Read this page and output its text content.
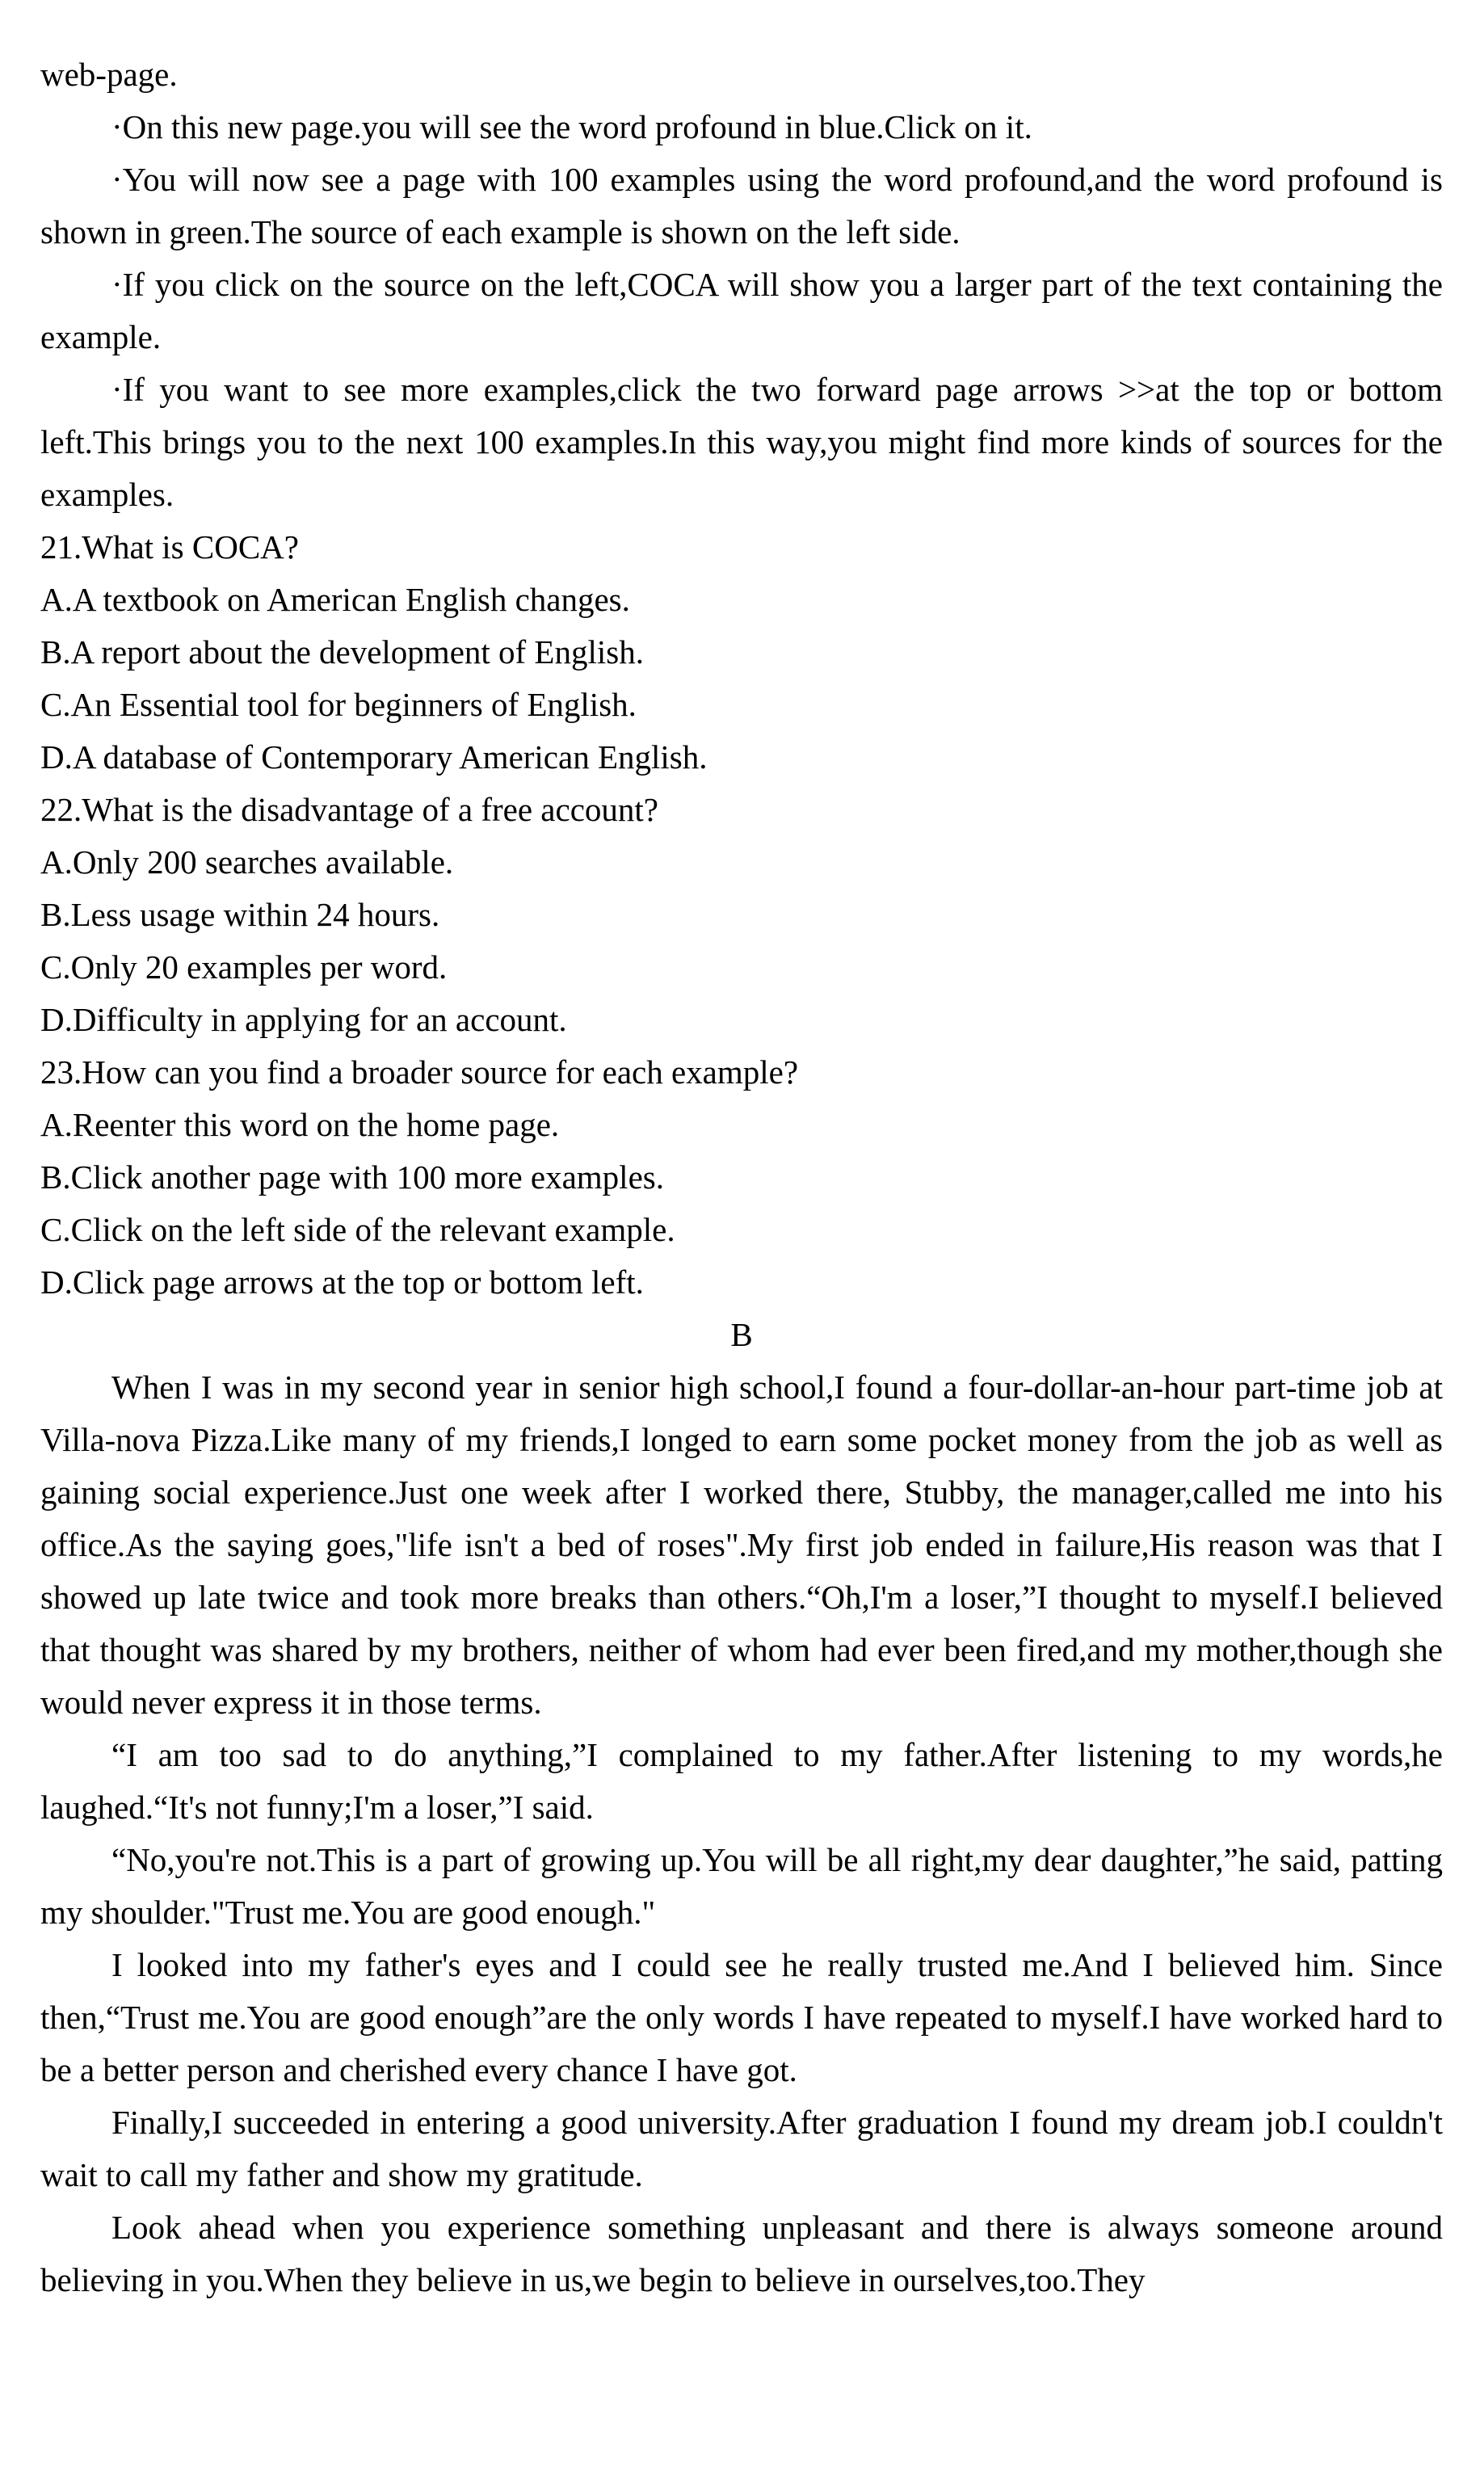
web-page.

·On this new page.you will see the word profound in blue.Click on it.

·You will now see a page with 100 examples using the word profound,and the word profound is shown in green.The source of each example is shown on the left side.

·If you click on the source on the left,COCA will show you a larger part of the text containing the example.

·If you want to see more examples,click the two forward page arrows >>at the top or bottom left.This brings you to the next 100 examples.In this way,you might find more kinds of sources for the examples.

21.What is COCA?

A.A textbook on American English changes.

B.A report about the development of English.

C.An Essential tool for beginners of English.

D.A database of Contemporary American English.

22.What is the disadvantage of a free account?

A.Only 200 searches available.

B.Less usage within 24 hours.

C.Only 20 examples per word.

D.Difficulty in applying for an account.

23.How can you find a broader source for each example?

A.Reenter this word on the home page.

B.Click another page with 100 more examples.

C.Click on the left side of the relevant example.

D.Click page arrows at the top or bottom left.

B

When I was in my second year in senior high school,I found a four-dollar-an-hour part-time job at Villa-nova Pizza.Like many of my friends,I longed to earn some pocket money from the job as well as gaining social experience.Just one week after I worked there, Stubby, the manager,called me into his office.As the saying goes,"life isn't a bed of roses".My first job ended in failure,His reason was that I showed up late twice and took more breaks than others.“Oh,I'm a loser,”I thought to myself.I believed that thought was shared by my brothers, neither of whom had ever been fired,and my mother,though she would never express it in those terms.

“I am too sad to do anything,”I complained to my father.After listening to my words,he laughed.“It's not funny;I'm a loser,”I said.

“No,you're not.This is a part of growing up.You will be all right,my dear daughter,”he said, patting my shoulder."Trust me.You are good enough."

I looked into my father's eyes and I could see he really trusted me.And I believed him. Since then,“Trust me.You are good enough”are the only words I have repeated to myself.I have worked hard to be a better person and cherished every chance I have got.

Finally,I succeeded in entering a good university.After graduation I found my dream job.I couldn't wait to call my father and show my gratitude.

Look ahead when you experience something unpleasant and there is always someone around believing in you.When they believe in us,we begin to believe in ourselves,too.They
